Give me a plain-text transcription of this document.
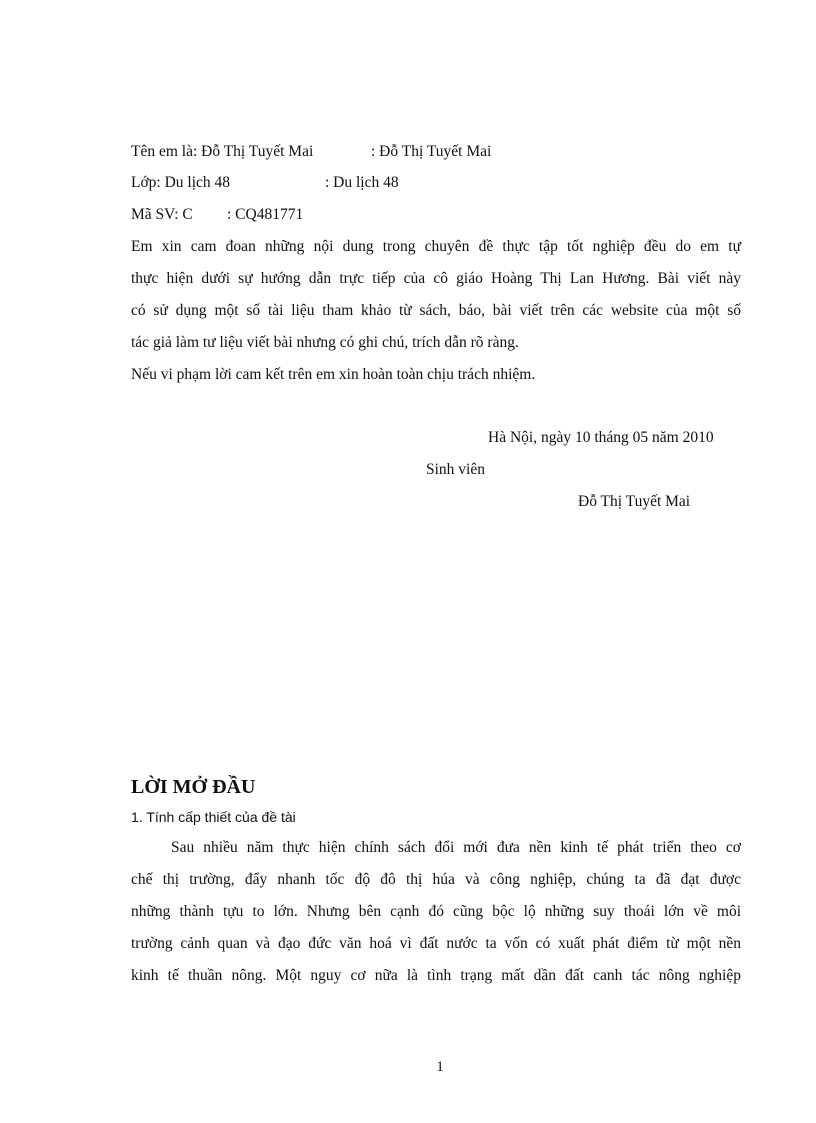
Tên em là: Đỗ Thị Tuyết Mai	: Đỗ Thị Tuyết Mai
Lớp: Du lịch 48	: Du lịch 48
Mã SV: C : CQ481771
Em xin cam đoan những nội dung trong chuyên đề thực tập tốt nghiệp đều do em tự
thực hiện dưới sự hướng dẫn trực tiếp của cô giáo Hoàng Thị Lan Hương. Bài viết này
có sử dụng một số tài liệu tham khảo từ sách, báo, bài viết trên các website của một số
tác giả làm tư liệu viết bài nhưng có ghi chú, trích dẫn rõ ràng.
Nếu vi phạm lời cam kết trên em xin hoàn toàn chịu trách nhiệm.
Hà Nội, ngày 10 tháng 05 năm 2010
Sinh viên
Đỗ Thị Tuyết Mai
LỜI MỞ ĐẦU
1. Tính cấp thiết của đề tài
Sau nhiều năm thực hiện chính sách đổi mới đưa nền kinh tế phát triển theo cơ
chế thị trường, đẩy nhanh tốc độ đô thị húa và công nghiệp, chúng ta đã đạt được
những thành tựu to lớn. Nhưng bên cạnh đó cũng bộc lộ những suy thoái lớn về môi
trường cảnh quan và đạo đức văn hoá vì đất nước ta vốn có xuất phát điểm từ một nền
kinh tế thuần nông. Một nguy cơ nữa là tình trạng mất dần đất canh tác nông nghiệp
1
